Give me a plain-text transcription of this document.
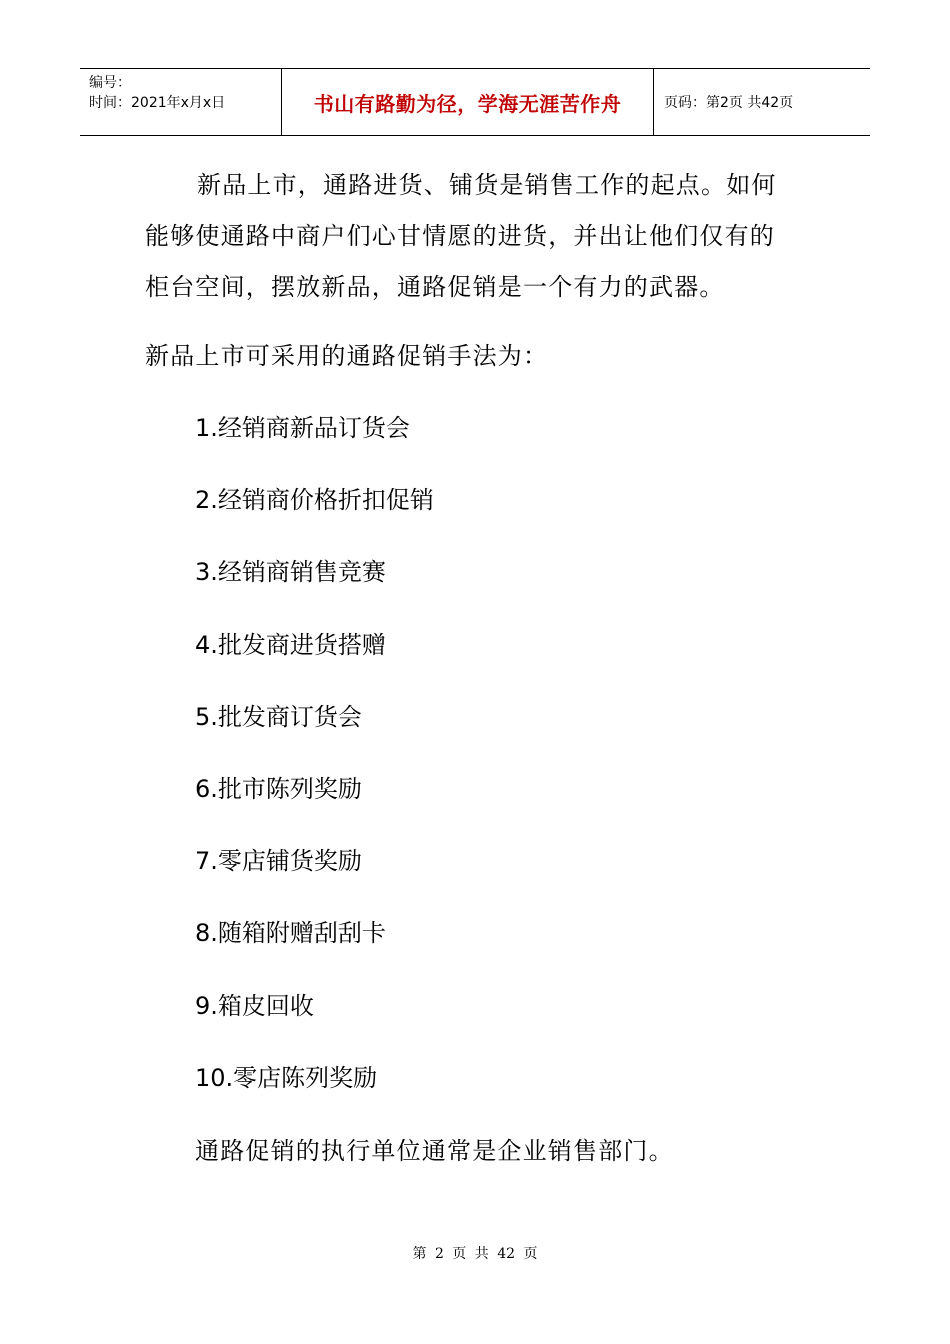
编号：
时间：2021年x月x日	书山有路勤为径，学海无涯苦作舟	页码：第2页 共42页
新品上市，通路进货、铺货是销售工作的起点。如何能够使通路中商户们心甘情愿的进货，并出让他们仅有的柜台空间，摆放新品，通路促销是一个有力的武器。
新品上市可采用的通路促销手法为：
1.经销商新品订货会
2.经销商价格折扣促销
3.经销商销售竞赛
4.批发商进货搭赠
5.批发商订货会
6.批市陈列奖励
7.零店铺货奖励
8.随箱附赠刮刮卡
9.箱皮回收
10.零店陈列奖励
通路促销的执行单位通常是企业销售部门。
第 2 页 共 42 页
